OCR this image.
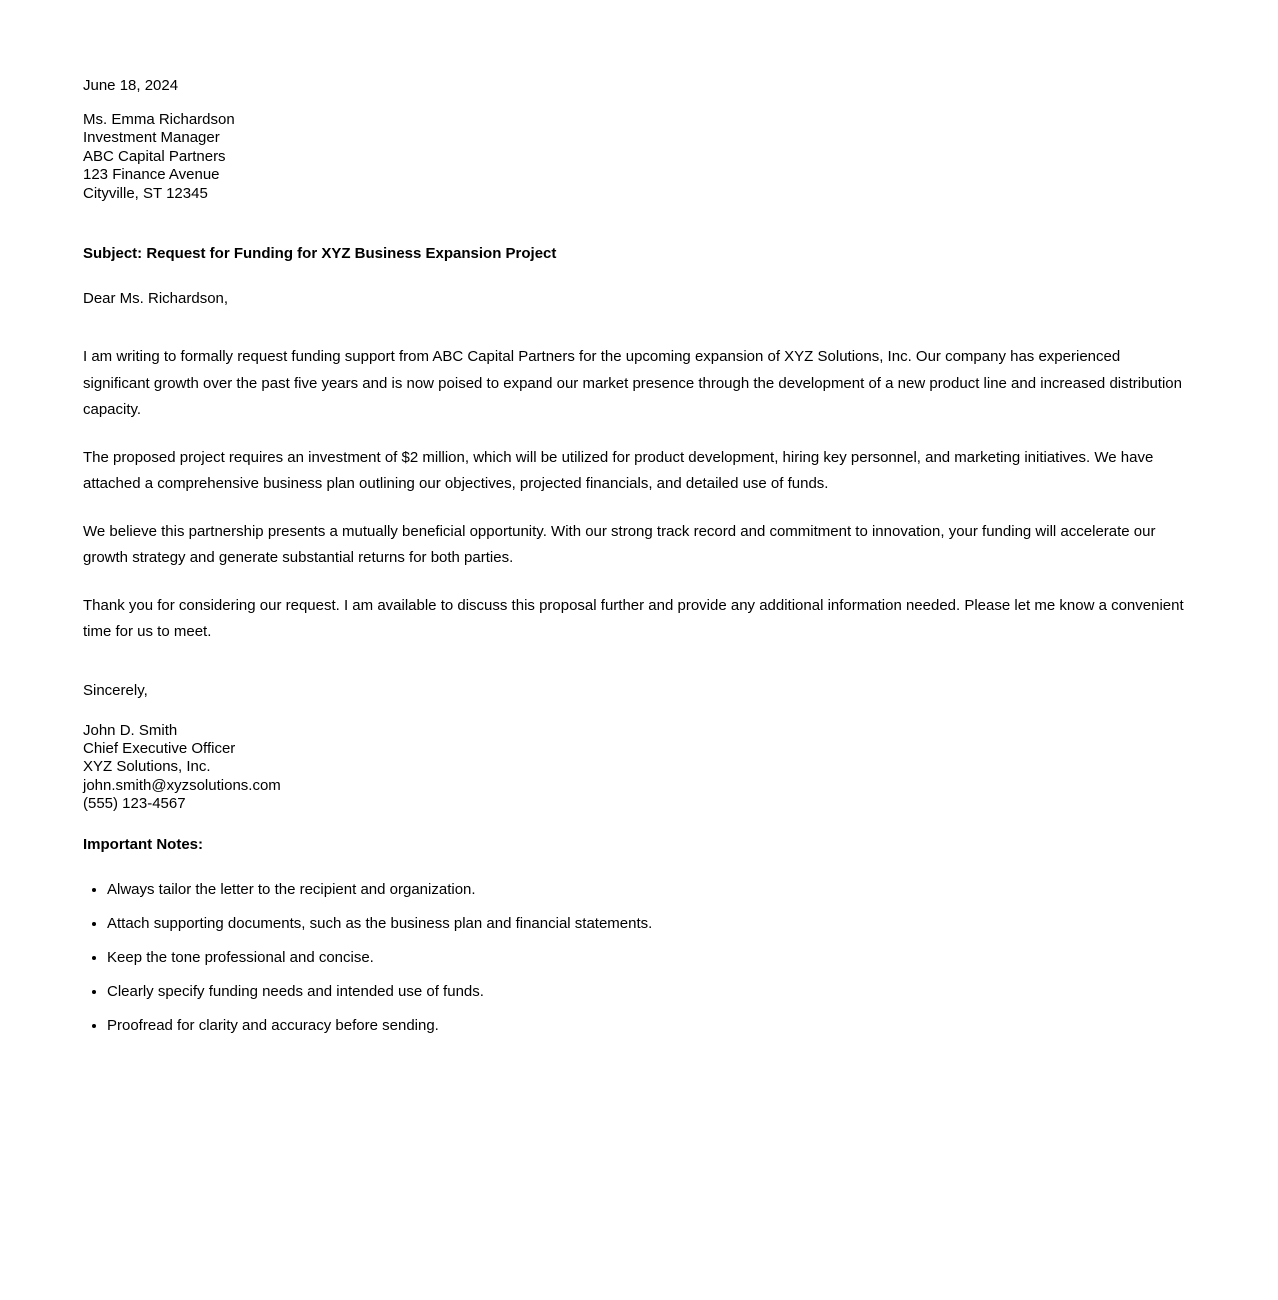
June 18, 2024

Ms. Emma Richardson
Investment Manager
ABC Capital Partners
123 Finance Avenue
Cityville, ST 12345

Subject: Request for Funding for XYZ Business Expansion Project

Dear Ms. Richardson,

I am writing to formally request funding support from ABC Capital Partners for the upcoming expansion of XYZ Solutions, Inc. Our company has experienced significant growth over the past five years and is now poised to expand our market presence through the development of a new product line and increased distribution capacity.

The proposed project requires an investment of $2 million, which will be utilized for product development, hiring key personnel, and marketing initiatives. We have attached a comprehensive business plan outlining our objectives, projected financials, and detailed use of funds.

We believe this partnership presents a mutually beneficial opportunity. With our strong track record and commitment to innovation, your funding will accelerate our growth strategy and generate substantial returns for both parties.

Thank you for considering our request. I am available to discuss this proposal further and provide any additional information needed. Please let me know a convenient time for us to meet.

Sincerely,

John D. Smith
Chief Executive Officer
XYZ Solutions, Inc.
john.smith@xyzsolutions.com
(555) 123-4567

Important Notes:

• Always tailor the letter to the recipient and organization.
• Attach supporting documents, such as the business plan and financial statements.
• Keep the tone professional and concise.
• Clearly specify funding needs and intended use of funds.
• Proofread for clarity and accuracy before sending.
